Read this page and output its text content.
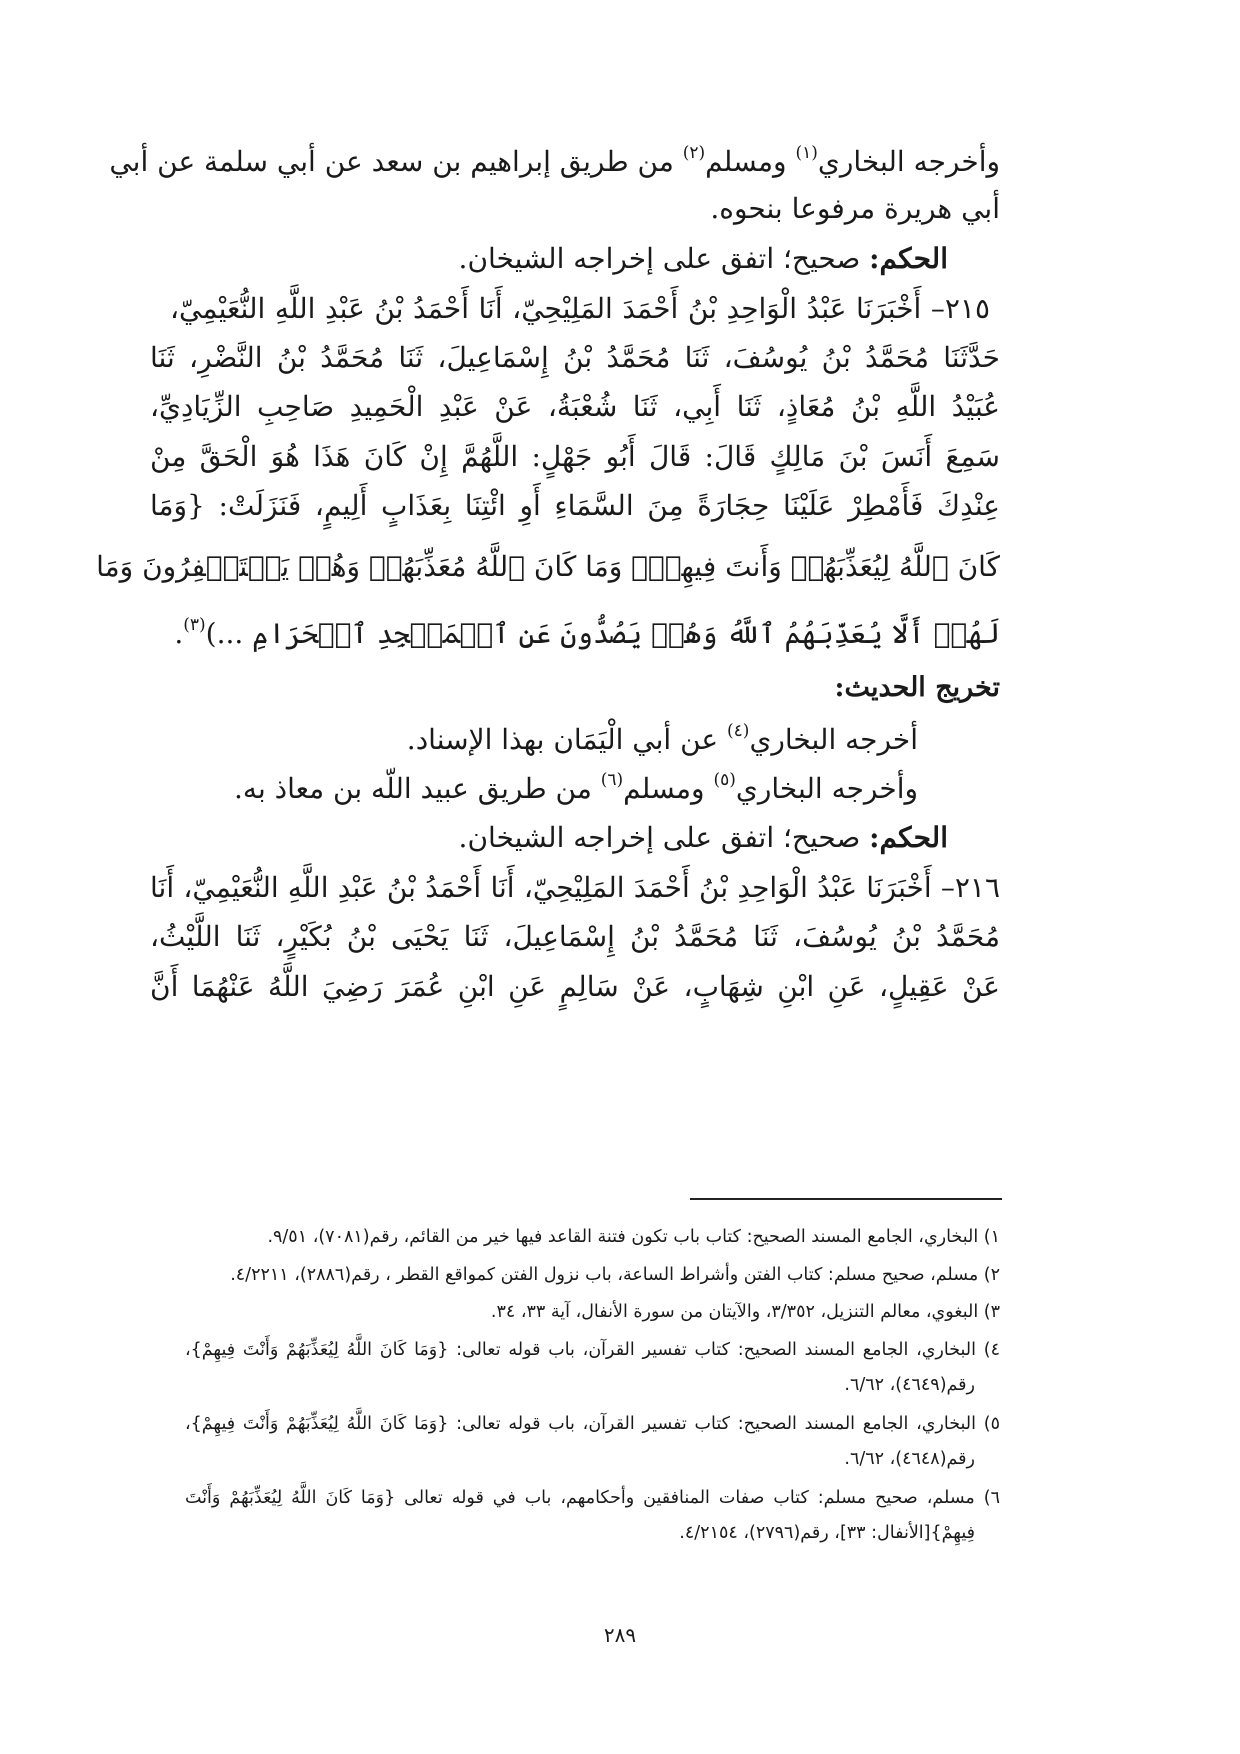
وأخرجه البخاري$^{(١)}$ ومسلم$^{(٢)}$ من طريق إبراهيم بن سعد عن أبي سلمة عن أبي

أبي هريرة مرفوعا بنحوه.

الحكم: صحيح؛ اتفق على إخراجه الشيخان.

٢١٥– أَخْبَرَنَا عَبْدُ الْوَاحِدِ بْنُ أَحْمَدَ المَلِيْحِيّ، أَنَا أَحْمَدُ بْنُ عَبْدِ اللَّهِ النُّعَيْمِيّ،

حَدَّثَنَا مُحَمَّدُ بْنُ يُوسُفَ، ثَنَا مُحَمَّدُ بْنُ إِسْمَاعِيلَ، ثَنَا مُحَمَّدُ بْنُ النَّضْرِ، ثَنَا

عُبَيْدُ اللَّهِ بْنُ مُعَاذٍ، ثَنَا أَبِي، ثَنَا شُعْبَةُ، عَنْ عَبْدِ الْحَمِيدِ صَاحِبِ الزِّيَادِيِّ،

سَمِعَ أَنَسَ بْنَ مَالِكٍ قَالَ: قَالَ أَبُو جَهْلٍ: اللَّهُمَّ إِنْ كَانَ هَذَا هُوَ الْحَقَّ مِنْ

عِنْدِكَ فَأَمْطِرْ عَلَيْنَا حِجَارَةً مِنَ السَّمَاءِ أَوِ ائْتِنَا بِعَذَابٍ أَلِيمٍ، فَنَزَلَتْ: {وَمَا

كَانَ ٱللَّهُ لِيُعَذِّبَهُمۡ وَأَنتَ فِيهِمۡۚ وَمَا كَانَ ٱللَّهُ مُعَذِّبَهُمۡ وَهُمۡ يَسۡتَغۡفِرُونَ وَمَا

لَهُمۡ أَلَّا يُعَذِّبَهُمُ ٱللَّهُ وَهُمۡ يَصُدُّونَ عَنِ ٱلۡمَسۡجِدِ ٱلۡحَرَامِ ...)$^{(٣)}$.

تخريج الحديث:

أخرجه البخاري$^{(٤)}$ عن أبي الْيَمَان بهذا الإسناد.

وأخرجه البخاري$^{(٥)}$ ومسلم$^{(٦)}$ من طريق عبيد اللّه بن معاذ به.

الحكم: صحيح؛ اتفق على إخراجه الشيخان.

٢١٦– أَخْبَرَنَا عَبْدُ الْوَاحِدِ بْنُ أَحْمَدَ المَلِيْحِيّ، أَنَا أَحْمَدُ بْنُ عَبْدِ اللَّهِ النُّعَيْمِيّ، أَنَا

مُحَمَّدُ بْنُ يُوسُفَ، ثَنَا مُحَمَّدُ بْنُ إِسْمَاعِيلَ، ثَنَا يَحْيَى بْنُ بُكَيْرٍ، ثَنَا اللَّيْثُ،

عَنْ عَقِيلٍ، عَنِ ابْنِ شِهَابٍ، عَنْ سَالِمٍ عَنِ ابْنِ عُمَرَ رَضِيَ اللَّهُ عَنْهُمَا أَنَّ

١) البخاري، الجامع المسند الصحيح: كتاب باب تكون فتنة القاعد فيها خير من القائم، رقم(٧٠٨١)، ٩/٥١.

٢) مسلم، صحيح مسلم: كتاب الفتن وأشراط الساعة، باب نزول الفتن كمواقع القطر ، رقم(٢٨٨٦)، ٤/٢٢١١.

٣) البغوي، معالم التنزيل، ٣/٣٥٢، والآيتان من سورة الأنفال، آية ٣٣، ٣٤.

٤) البخاري، الجامع المسند الصحيح: كتاب تفسير القرآن، باب قوله تعالى: {وَمَا كَانَ اللَّهُ لِيُعَذِّبَهُمْ وَأَنْتَ فِيهِمْ}،

رقم(٤٦٤٩)، ٦/٦٢.

٥) البخاري، الجامع المسند الصحيح: كتاب تفسير القرآن، باب قوله تعالى: {وَمَا كَانَ اللَّهُ لِيُعَذِّبَهُمْ وَأَنْتَ فِيهِمْ}،

رقم(٤٦٤٨)، ٦/٦٢.

٦) مسلم، صحيح مسلم: كتاب صفات المنافقين وأحكامهم، باب في قوله تعالى {وَمَا كَانَ اللَّهُ لِيُعَذِّبَهُمْ وَأَنْتَ

فِيهِمْ}[الأنفال: ٣٣]، رقم(٢٧٩٦)، ٤/٢١٥٤.

٢٨٩
